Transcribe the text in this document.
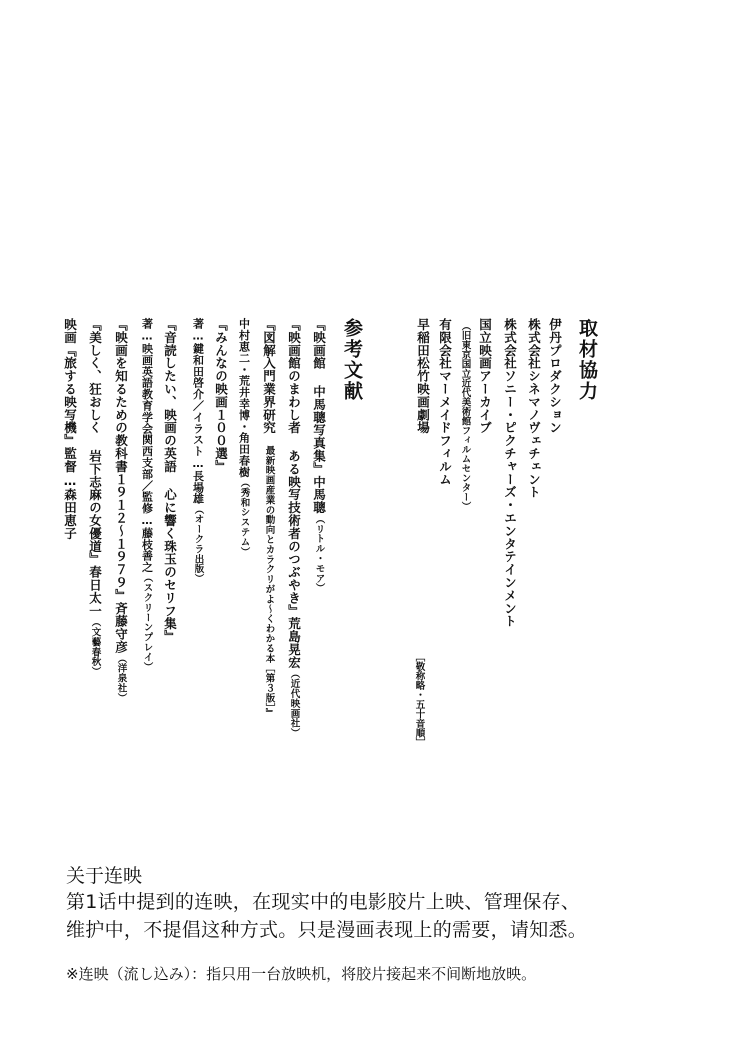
取材協力
伊丹プロダクション
株式会社シネマノヴェチェント
株式会社ソニー・ピクチャーズ・エンタテインメント
国立映画アーカイブ
（旧東京国立近代美術館フィルムセンター）
有限会社マーメイドフィルム
早稲田松竹映画劇場
［敬称略・五十音順］
参考文献
『映画館 中馬聰写真集』中馬聰（リトル・モア）
『映画館のまわし者 ある映写技術者のつぶやき』荒島晃宏（近代映画社）
『図解入門業界研究 最新映画産業の動向とカラクリがよ〜くわかる本［第３版］』
中村恵二・荒井幸博・角田春樹（秀和システム）
『みんなの映画１００選』
著…鍵和田啓介／イラスト…長場雄（オークラ出版）
『音読したい、映画の英語 心に響く珠玉のセリフ集』
著…映画英語教育学会関西支部／監修…藤枝善之（スクリーンプレイ）
『映画を知るための教科書１９１２〜１９７９』斉藤守彦（洋泉社）
『美しく、狂おしく 岩下志麻の女優道』春日太一（文藝春秋）
映画『旅する映写機』監督…森田恵子
关于连映
第1话中提到的连映，在现实中的电影胶片上映、管理保存、
维护中，不提倡这种方式。只是漫画表现上的需要，请知悉。
※连映（流し込み）：指只用一台放映机，将胶片接起来不间断地放映。
